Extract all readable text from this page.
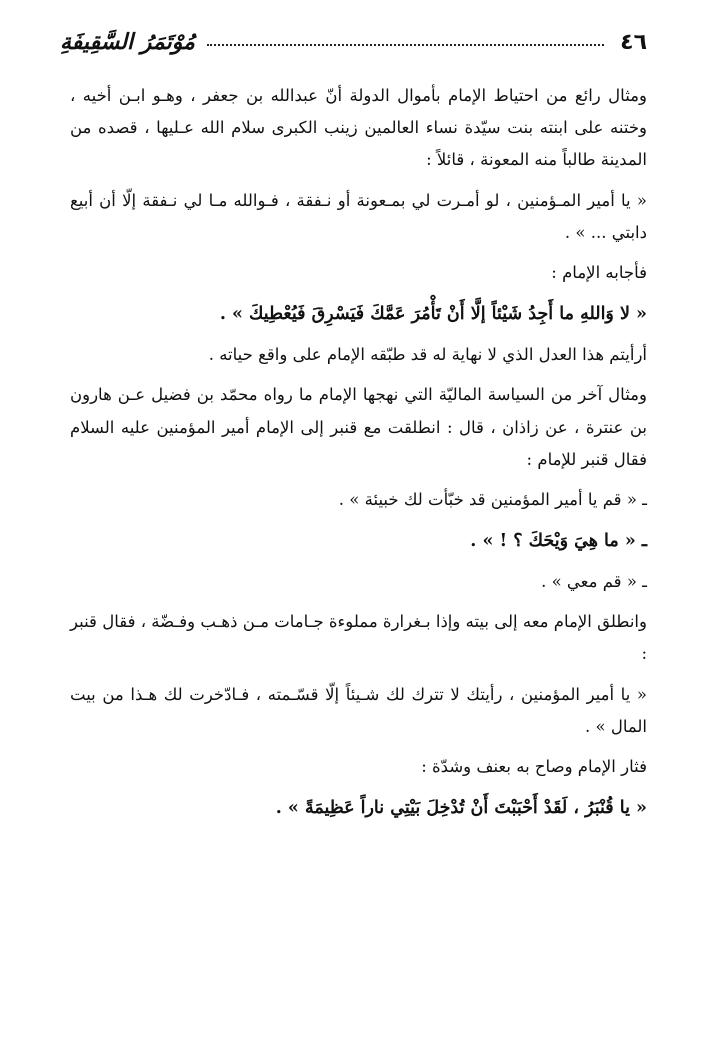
٤٦
مُوْتَمَرُ السَّقِيفَةِ

ومثال رائع من احتياط الإمام بأموال الدولة أنّ عبدالله بن جعفر ، وهـو ابـن أخيه ، وختنه على ابنته بنت سيّدة نساء العالمين زينب الكبرى سلام الله عـليها ، قصده من المدينة طالباً منه المعونة ، قائلاً :

« يا أمير المـؤمنين ، لو أمـرت لي بمـعونة أو نـفقة ، فـوالله مـا لي نـفقة إلّا أن أبيع دابتي ... » .

فأجابه الإمام :

« لا وَاللهِ ما أَجِدُ شَيْئاً إلَّا أَنْ تَأْمُرَ عَمَّكَ فَيَسْرِقَ فَيُعْطِيكَ » .

أرأيتم هذا العدل الذي لا نهاية له قد طبّقه الإمام على واقع حياته .

ومثال آخر من السياسة الماليّة التي نهجها الإمام ما رواه محمّد بن فضيل عـن هارون بن عنترة ، عن زاذان ، قال : انطلقت مع قنبر إلى الإمام أمير المؤمنين عليه السلام فقال قنبر للإمام :

ـ « قم يا أمير المؤمنين قد خبّأت لك خبيئة » .

ـ « ما هِيَ وَيْحَكَ ؟ ! » .

ـ « قم معي » .

وانطلق الإمام معه إلى بيته وإذا بـغرارة مملوءة جـامات مـن ذهـب وفـضّة ، فقال قنبر :

« يا أمير المؤمنين ، رأيتك لا تترك لك شـيئاً إلّا قسّـمته ، فـادّخرت لك هـذا من بيت المال » .

فثار الإمام وصاح به بعنف وشدّة :

« يا قُنْبَرُ ، لَقَدْ أَحْبَبْتَ أَنْ تُدْخِلَ بَيْتِي ناراً عَظِيمَةً » .
